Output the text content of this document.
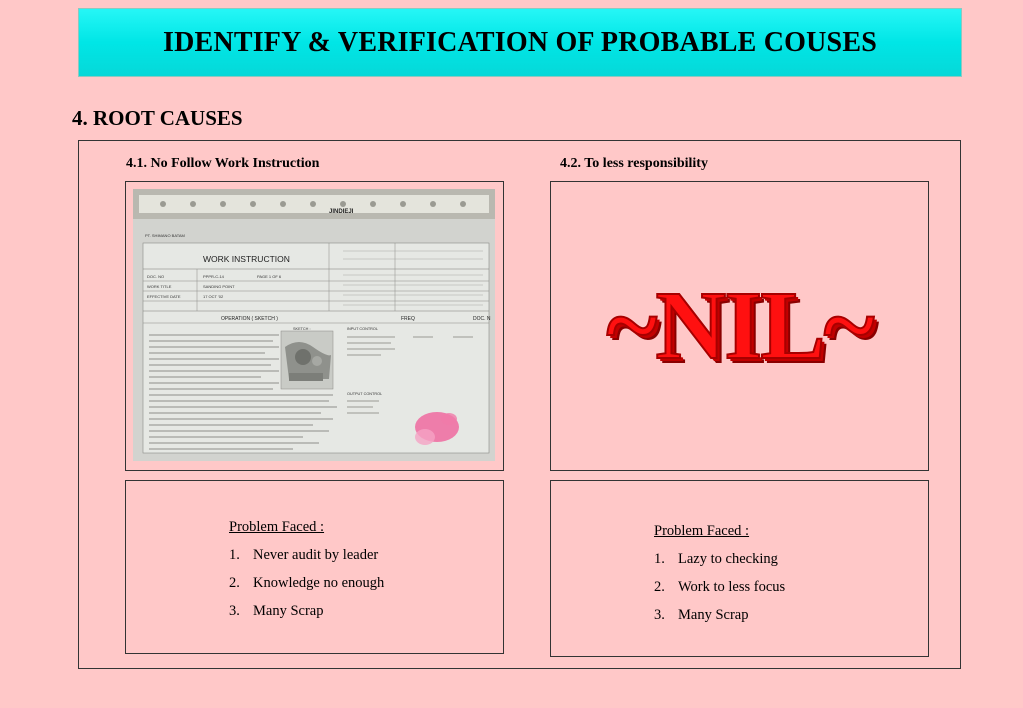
IDENTIFY & VERIFICATION OF PROBABLE COUSES
4. ROOT CAUSES
4.1. No Follow Work Instruction	4.2. To less responsibility
JINDIEJI
PT. SHIMANO BATAM
WORK INSTRUCTION
DOC. NO	PPPR-C-14	PAGE 1 OF 6
WORK TITLE	SANDING POINT
EFFECTIVE DATE	17 OCT '02
OPERATION ( SKETCH )	FREQ	DOC. N
SKETCH :	INPUT CONTROL
OUTPUT CONTROL
~NIL~
Problem Faced :
1. Never audit by leader
2. Knowledge no enough
3. Many Scrap
Problem Faced :
1. Lazy to checking
2. Work to less focus
3. Many Scrap
